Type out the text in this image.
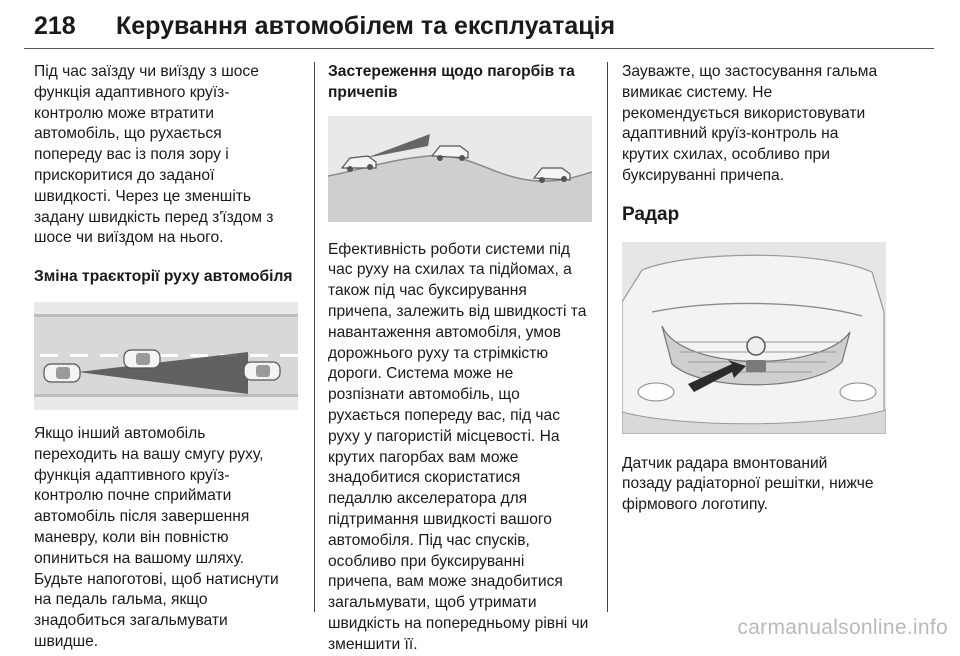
218 Керування автомобілем та експлуатація

Під час заїзду чи виїзду з шосе
функція адаптивного круїз-
контролю може втратити
автомобіль, що рухається
попереду вас із поля зору і
прискоритися до заданої
швидкості. Через це зменшіть
задану швидкість перед з'їздом з
шосе чи виїздом на нього.

Зміна траєкторії руху автомобіля

Якщо інший автомобіль
переходить на вашу смугу руху,
функція адаптивного круїз-
контролю почне сприймати
автомобіль після завершення
маневру, коли він повністю
опиниться на вашому шляху.
Будьте напоготові, щоб натиснути
на педаль гальма, якщо
знадобиться загальмувати
швидше.

Застереження щодо пагорбів та
причепів

Ефективність роботи системи під
час руху на схилах та підйомах, а
також під час буксирування
причепа, залежить від швидкості та
навантаження автомобіля, умов
дорожнього руху та стрімкістю
дороги. Система може не
розпізнати автомобіль, що
рухається попереду вас, під час
руху у пагористій місцевості. На
крутих пагорбах вам може
знадобитися скористатися
педаллю акселератора для
підтримання швидкості вашого
автомобіля. Під час спусків,
особливо при буксируванні
причепа, вам може знадобитися
загальмувати, щоб утримати
швидкість на попередньому рівні чи
зменшити її.

Зауважте, що застосування гальма
вимикає систему. Не
рекомендується використовувати
адаптивний круїз-контроль на
крутих схилах, особливо при
буксируванні причепа.

Радар

Датчик радара вмонтований
позаду радіаторної решітки, нижче
фірмового логотипу.

carmanualsonline.info
